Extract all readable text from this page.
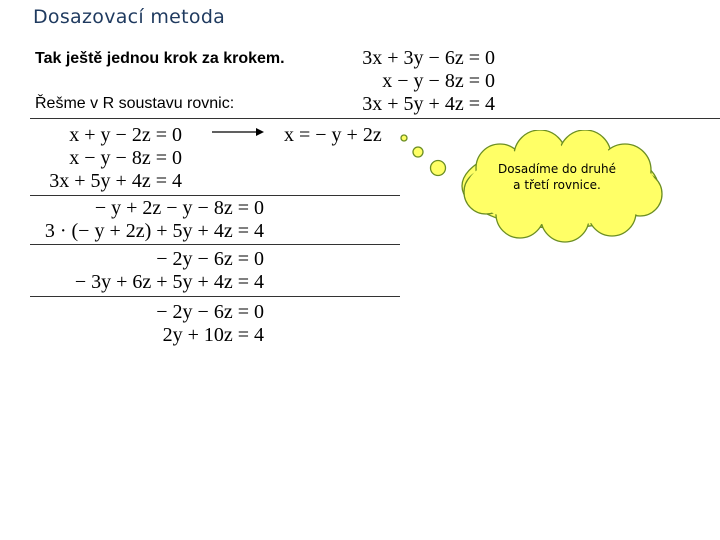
Dosazovací metoda
Tak ještě jednou krok za krokem.
Řešme v R soustavu rovnic:
3x + 3y − 6z = 0
x − y − 8z = 0
3x + 5y + 4z = 4
x + y − 2z = 0
x − y − 8z = 0
3x + 5y + 4z = 4
x = − y + 2z
− y + 2z − y − 8z = 0
3 · (− y + 2z) + 5y + 4z = 4
− 2y − 6z = 0
− 3y + 6z + 5y + 4z = 4
− 2y − 6z = 0
2y + 10z = 4
Dosadíme do druhé a třetí rovnice.
